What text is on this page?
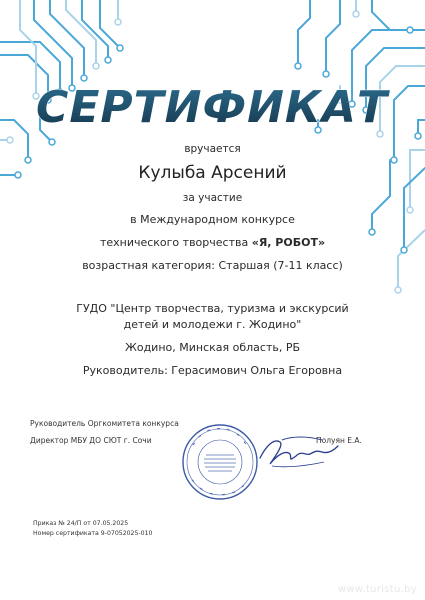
СЕРТИФИКАТ
вручается
Кулыба Арсений
за участие
в Международном конкурсе
технического творчества «Я, РОБОТ»
возрастная категория: Старшая (7-11 класс)
ГУДО "Центр творчества, туризма и экскурсий
детей и молодежи г. Жодино"
Жодино, Минская область, РБ
Руководитель: Герасимович Ольга Егоровна
Руководитель Оргкомитета конкурса
Директор МБУ ДО СЮТ г. Сочи	Полуян Е.А.
Приказ № 24/П от 07.05.2025
Номер сертификата 9-07052025-010
www.turistu.by
